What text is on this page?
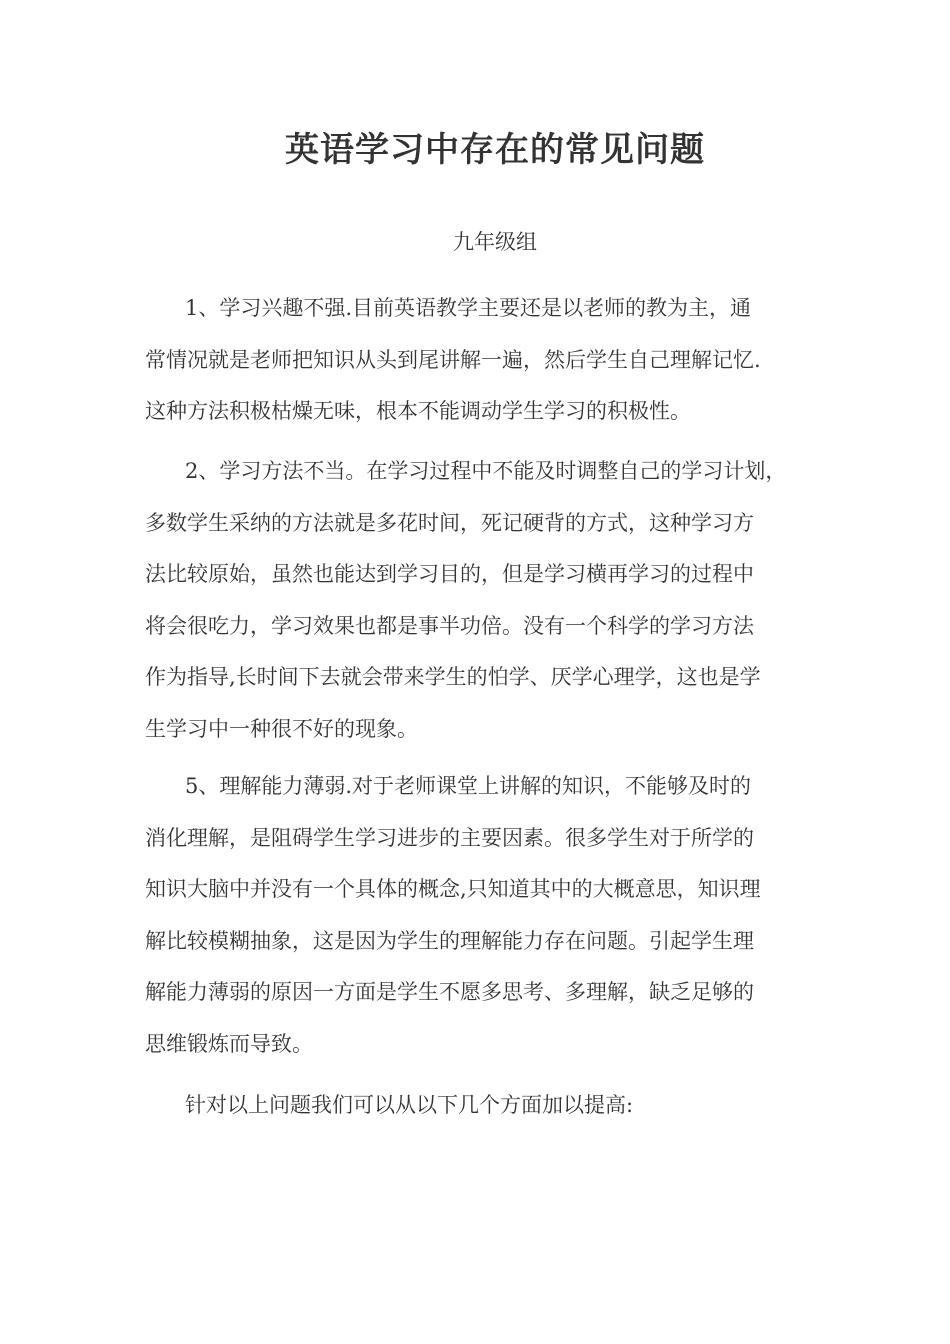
英语学习中存在的常见问题
九年级组

1、学习兴趣不强.目前英语教学主要还是以老师的教为主，通
常情况就是老师把知识从头到尾讲解一遍，然后学生自己理解记忆.
这种方法积极枯燥无味，根本不能调动学生学习的积极性。

2、学习方法不当。在学习过程中不能及时调整自己的学习计划，
多数学生采纳的方法就是多花时间，死记硬背的方式，这种学习方
法比较原始，虽然也能达到学习目的，但是学习横再学习的过程中
将会很吃力，学习效果也都是事半功倍。没有一个科学的学习方法
作为指导,长时间下去就会带来学生的怕学、厌学心理学，这也是学
生学习中一种很不好的现象。

5、理解能力薄弱.对于老师课堂上讲解的知识，不能够及时的
消化理解，是阻碍学生学习进步的主要因素。很多学生对于所学的
知识大脑中并没有一个具体的概念,只知道其中的大概意思，知识理
解比较模糊抽象，这是因为学生的理解能力存在问题。引起学生理
解能力薄弱的原因一方面是学生不愿多思考、多理解，缺乏足够的
思维锻炼而导致。

针对以上问题我们可以从以下几个方面加以提高:
